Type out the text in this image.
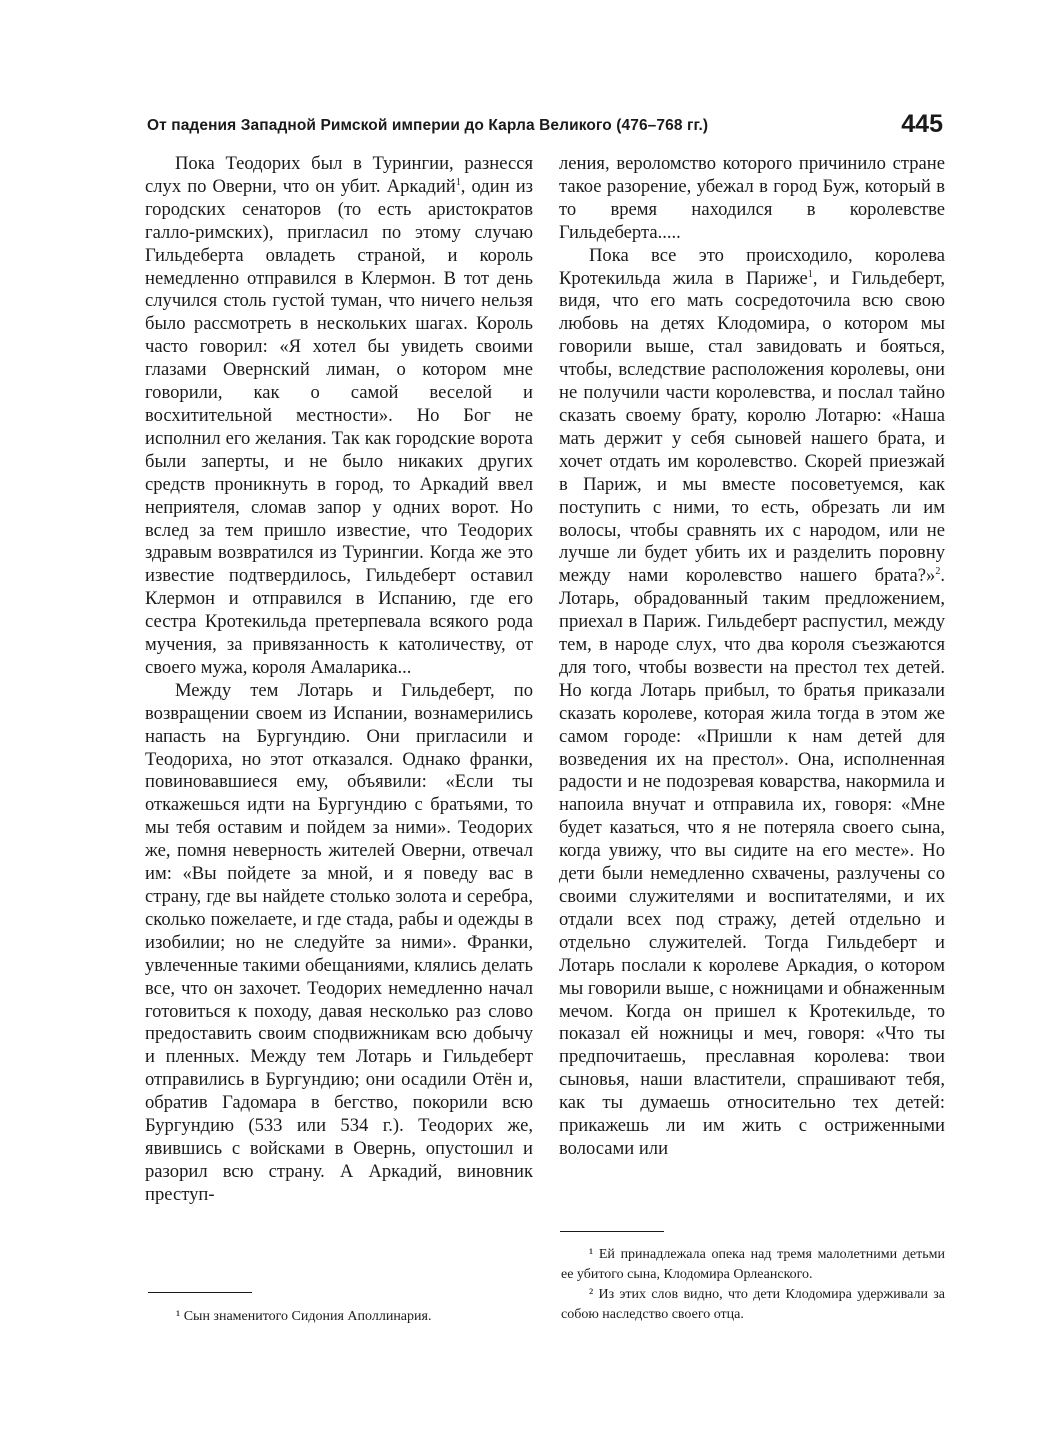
От падения Западной Римской империи до Карла Великого (476–768 гг.)	445

Пока Теодорих был в Турингии, разнесся слух по Оверни, что он убит. Аркадий$^1$, один из городских сенаторов (то есть аристократов галло-римских), пригласил по этому случаю Гильдеберта овладеть страной, и король немедленно отправился в Клермон. В тот день случился столь густой туман, что ничего нельзя было рассмотреть в нескольких шагах. Король часто говорил: «Я хотел бы увидеть своими глазами Овернский лиман, о котором мне говорили, как о самой веселой и восхитительной местности». Но Бог не исполнил его желания. Так как городские ворота были заперты, и не было никаких других средств проникнуть в город, то Аркадий ввел неприятеля, сломав запор у одних ворот. Но вслед за тем пришло известие, что Теодорих здравым возвратился из Турингии. Когда же это известие подтвердилось, Гильдеберт оставил Клермон и отправился в Испанию, где его сестра Кротекильда претерпевала всякого рода мучения, за привязанность к католичеству, от своего мужа, короля Амаларика...

Между тем Лотарь и Гильдеберт, по возвращении своем из Испании, вознамерились напасть на Бургундию. Они пригласили и Теодориха, но этот отказался. Однако франки, повиновавшиеся ему, объявили: «Если ты откажешься идти на Бургундию с братьями, то мы тебя оставим и пойдем за ними». Теодорих же, помня неверность жителей Оверни, отвечал им: «Вы пойдете за мной, и я поведу вас в страну, где вы найдете столько золота и серебра, сколько пожелаете, и где стада, рабы и одежды в изобилии; но не следуйте за ними». Франки, увлеченные такими обещаниями, клялись делать все, что он захочет. Теодорих немедленно начал готовиться к походу, давая несколько раз слово предоставить своим сподвижникам всю добычу и пленных. Между тем Лотарь и Гильдеберт отправились в Бургундию; они осадили Отён и, обратив Гадомара в бегство, покорили всю Бургундию (533 или 534 г.). Теодорих же, явившись с войсками в Овернь, опустошил и разорил всю страну. А Аркадий, виновник преступ-

ления, вероломство которого причинило стране такое разорение, убежал в город Буж, который в то время находился в королевстве Гильдеберта.....

Пока все это происходило, королева Кротекильда жила в Париже$^1$, и Гильдеберт, видя, что его мать сосредоточила всю свою любовь на детях Клодомира, о котором мы говорили выше, стал завидовать и бояться, чтобы, вследствие расположения королевы, они не получили части королевства, и послал тайно сказать своему брату, королю Лотарю: «Наша мать держит у себя сыновей нашего брата, и хочет отдать им королевство. Скорей приезжай в Париж, и мы вместе посоветуемся, как поступить с ними, то есть, обрезать ли им волосы, чтобы сравнять их с народом, или не лучше ли будет убить их и разделить поровну между нами королевство нашего брата?»$^2$. Лотарь, обрадованный таким предложением, приехал в Париж. Гильдеберт распустил, между тем, в народе слух, что два короля съезжаются для того, чтобы возвести на престол тех детей. Но когда Лотарь прибыл, то братья приказали сказать королеве, которая жила тогда в этом же самом городе: «Пришли к нам детей для возведения их на престол». Она, исполненная радости и не подозревая коварства, накормила и напоила внучат и отправила их, говоря: «Мне будет казаться, что я не потеряла своего сына, когда увижу, что вы сидите на его месте». Но дети были немедленно схвачены, разлучены со своими служителями и воспитателями, и их отдали всех под стражу, детей отдельно и отдельно служителей. Тогда Гильдеберт и Лотарь послали к королеве Аркадия, о котором мы говорили выше, с ножницами и обнаженным мечом. Когда он пришел к Кротекильде, то показал ей ножницы и меч, говоря: «Что ты предпочитаешь, преславная королева: твои сыновья, наши властители, спрашивают тебя, как ты думаешь относительно тех детей: прикажешь ли им жить с остриженными волосами или

¹ Сын знаменитого Сидония Аполлинария.

¹ Ей принадлежала опека над тремя малолетними детьми ее убитого сына, Клодомира Орлеанского.

² Из этих слов видно, что дети Клодомира удерживали за собою наследство своего отца.
